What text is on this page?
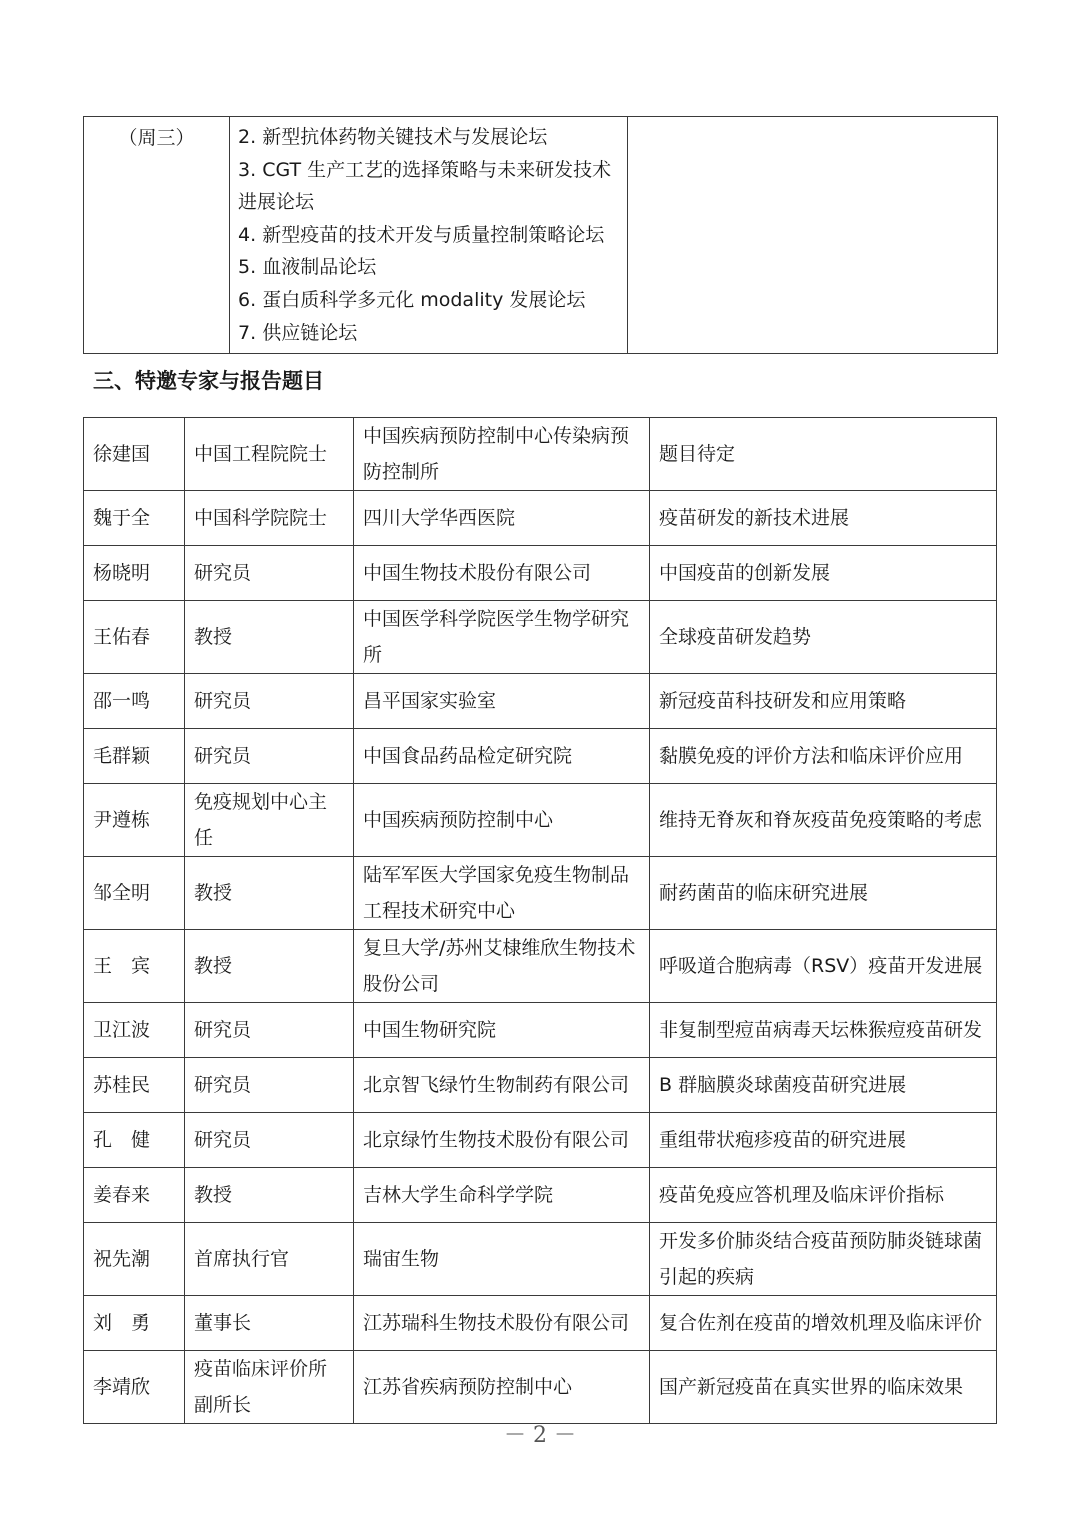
（周三）	2. 新型抗体药物关键技术与发展论坛
3. CGT 生产工艺的选择策略与未来研发技术进展论坛
4. 新型疫苗的技术开发与质量控制策略论坛
5. 血液制品论坛
6. 蛋白质科学多元化 modality 发展论坛
7. 供应链论坛

三、特邀专家与报告题目
徐建国	中国工程院院士	中国疾病预防控制中心传染病预防控制所	题目待定
魏于全	中国科学院院士	四川大学华西医院	疫苗研发的新技术进展
杨晓明	研究员	中国生物技术股份有限公司	中国疫苗的创新发展
王佑春	教授	中国医学科学院医学生物学研究所	全球疫苗研发趋势
邵一鸣	研究员	昌平国家实验室	新冠疫苗科技研发和应用策略
毛群颖	研究员	中国食品药品检定研究院	黏膜免疫的评价方法和临床评价应用
尹遵栋	免疫规划中心主任	中国疾病预防控制中心	维持无脊灰和脊灰疫苗免疫策略的考虑
邹全明	教授	陆军军医大学国家免疫生物制品工程技术研究中心	耐药菌苗的临床研究进展
王　宾	教授	复旦大学/苏州艾棣维欣生物技术股份公司	呼吸道合胞病毒（RSV）疫苗开发进展
卫江波	研究员	中国生物研究院	非复制型痘苗病毒天坛株猴痘疫苗研发
苏桂民	研究员	北京智飞绿竹生物制药有限公司	B 群脑膜炎球菌疫苗研究进展
孔　健	研究员	北京绿竹生物技术股份有限公司	重组带状疱疹疫苗的研究进展
姜春来	教授	吉林大学生命科学学院	疫苗免疫应答机理及临床评价指标
祝先潮	首席执行官	瑞宙生物	开发多价肺炎结合疫苗预防肺炎链球菌引起的疾病
刘　勇	董事长	江苏瑞科生物技术股份有限公司	复合佐剂在疫苗的增效机理及临床评价
李靖欣	疫苗临床评价所副所长	江苏省疾病预防控制中心	国产新冠疫苗在真实世界的临床效果
－ 2 －
